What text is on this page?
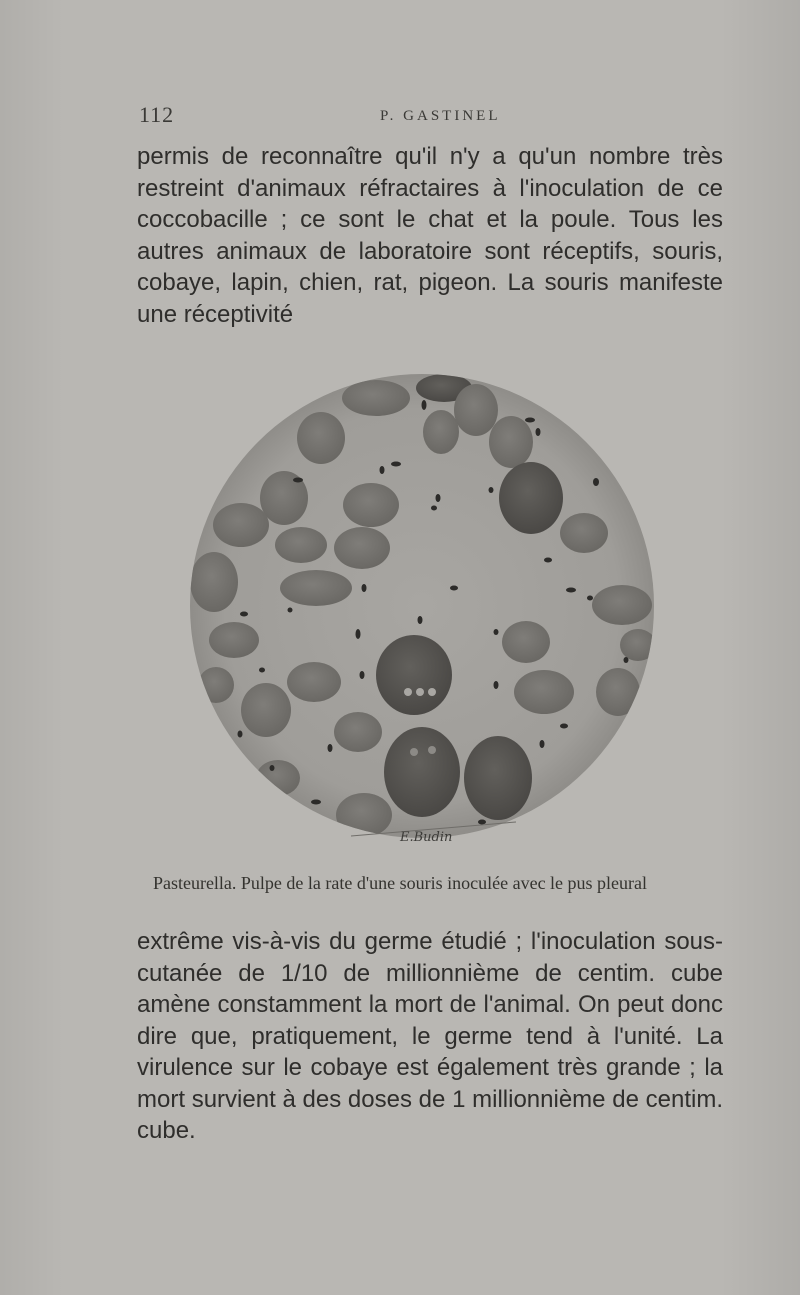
112	P. GASTINEL

permis de reconnaître qu'il n'y a qu'un nombre très restreint d'animaux réfractaires à l'inoculation de ce coccobacille ; ce sont le chat et la poule. Tous les autres animaux de laboratoire sont réceptifs, souris, cobaye, lapin, chien, rat, pigeon. La souris manifeste une réceptivité

E.Budin
Pasteurella. Pulpe de la rate d'une souris inoculée avec le pus pleural

extrême vis-à-vis du germe étudié ; l'inoculation sous-cutanée de 1/10 de millionnième de centim. cube amène constamment la mort de l'animal. On peut donc dire que, pratiquement, le germe tend à l'unité. La virulence sur le cobaye est également très grande ; la mort survient à des doses de 1 millionnième de centim. cube.
